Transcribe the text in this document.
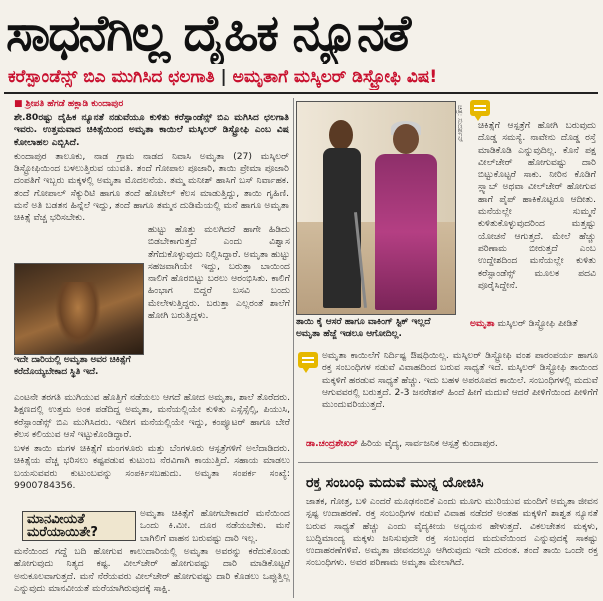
ಸಾಧನೆಗಿಲ್ಲ ದೈಹಿಕ ನ್ಯೂನತೆ
ಕರೆಸ್ಪಾಂಡೆನ್ಸ್ ಬಿಎ ಮುಗಿಸಿದ ಛಲಗಾತಿ | ಅಮೃತಾಗೆ ಮಸ್ಕಿಲರ್ ಡಿಸ್ಟ್ರೋಫಿ ವಿಷ!
■ ಶ್ರೀಪತಿ ಹೆಗಡೆ ಹಕ್ಲಾಡಿ ಕುಂದಾಪುರ

ಶೇ.80ರಷ್ಟು ದೈಹಿಕ ನ್ಯೂನತೆ ನಡುವೆಯೂ ಕುಳಿತು ಕರೆಸ್ಪಾಂಡೆನ್ಸ್ ಬಿಎ ಮಗಿಸಿದ ಛಲಗಾತಿ ಇವರು. ಉತ್ತಮವಾದ ಚಿಕಿತ್ಸೆಯಿಂದ ಅಮೃತಾ ಕಾಯಿಲೆ ಮಸ್ಕಿಲರ್ ಡಿಸ್ಟ್ರೋಫಿ ಎಂಬ ವಿಷ ಕೋಲಾಹಲ ಎಬ್ಬಿಸಿದೆ.

ಕುಂದಾಪುರ ತಾಲೂಕು, ನಾಡ ಗ್ರಾಮ ನಾಡದ ನಿವಾಸಿ ಅಮೃತಾ (27) ಮಸ್ಕಿಲರ್ ಡಿಸ್ಟ್ರೋಫಿಯಿಂದ ಬಳಲುತ್ತಿರುವ ಯುವತಿ. ತಂದೆ ಗೋಪಾಲ ಪೂಜಾರಿ, ತಾಯಿ ಪ್ರೇಮಾ ಪೂಜಾರಿ ದಂಪತಿಗೆ ಇಬ್ಬರು ಮಕ್ಕಳಲ್ಲಿ ಅಮೃತಾ ಮೊದಲನೆಯ. ತಮ್ಮ ಮನೀಶ್ ಹಾಸಿಗೆ ಬಸ್ ನಿರ್ವಾಹಕ. ತಂದೆ ಗೋಪಾಲ್ ಸೆಕ್ಯುರಿಟಿ ಹಾಗೂ ತಂದೆ ಹೊಟೇಲ್ ಕೆಲಸ ಮಾಡುತ್ತಿದ್ದು, ತಾಯಿ ಗೃಹಿಣಿ. ಮನೆ ಅತಿ ಬಡತನ ಹಿನ್ನೆಲೆ ಇದ್ದು, ತಂದೆ ಹಾಗೂ ತಮ್ಮನ ದುಡಿಮೆಯಲ್ಲಿ ಮನೆ ಹಾಗೂ ಅಮೃತಾ ಚಿಕಿತ್ಸೆ ವೆಚ್ಚ ಭರಿಸಬೇಕು.

ಇದೇ ದಾರಿಯಲ್ಲಿ ಅಮೃತಾ ಅವರ ಚಿಕಿತ್ಸೆಗೆ ಕರೆದೊಯ್ಯಬೇಕಾದ ಸ್ಥಿತಿ ಇದೆ.

ಹುಟ್ಟು ಹೊತ್ತು ಮಲಗಿದರೆ ಹಾಗೇ ಹಿಡಿದು ಬಿಡಬೇಕಾಗುತ್ತದೆ ಎಂದು ವಿಶ್ವಾಸ ತೆಗೆದುಕೊಳ್ಳುವುದು ನಿಲ್ಲಿಸಿದ್ದಾರೆ. ಅಮೃತಾ ಹುಟ್ಟು ಸಹಜವಾಗಿಯೇ ಇದ್ದು, ಬರುತ್ತಾ ಬಾಯಿಂದ ನಾಲಿಗೆ ಹೊರಬಿಟ್ಟು ಬರಲು ಆರಂಭಿಸಿತು. ಕಾಲಿಗೆ ಹಿಂಭಾಗ ಬಿದ್ದರೆ ಬಸವಿ ಬಂದು ಮೇಲೇಳುತ್ತಿದ್ದರು. ಬರುತ್ತಾ ಎಲ್ಲರಂತೆ ಶಾಲೆಗೆ ಹೋಗಿ ಬರುತ್ತಿದ್ದಳು.

ಎಂಟನೇ ತರಗತಿ ಮುಗಿಯುವ ಹೊತ್ತಿಗೆ ನಡೆಯಲು ಆಗದೆ ಹೋದ ಅಮೃತಾ, ಶಾಲೆ ತೊರೆದರು. ಶಿಕ್ಷಣದಲ್ಲಿ ಉತ್ತಮ ಅಂಕ ಪಡೆದಿದ್ದ ಅಮೃತಾ, ಮನೆಯಲ್ಲಿಯೇ ಕುಳಿತು ಎಸ್ಸೆಸ್ಸೆಲ್ಸಿ, ಪಿಯುಸಿ, ಕರೆಸ್ಪಾಂಡೆನ್ಸ್ ಬಿಎ ಮುಗಿಸಿದರು. ಇದೀಗ ಮನೆಯಲ್ಲಿಯೇ ಇದ್ದು, ಕಂಪ್ಯೂಟರ್ ಹಾಗೂ ಬೇರೆ ಕೆಲಸ ಕಲಿಯುವ ಆಸೆ ಇಟ್ಟುಕೊಂಡಿದ್ದಾರೆ.

ಬಳಕ ತಾಯಿ ಮಗಳ ಚಿಕಿತ್ಸೆಗೆ ಮಂಗಳೂರು ಮತ್ತು ಬೆಂಗಳೂರು ಆಸ್ಪತ್ರೆಗಳಿಗೆ ಅಲೆದಾಡಿದರು. ಚಿಕಿತ್ಸೆಯ ವೆಚ್ಚ ಭರಿಸಲು ಕಷ್ಟಪಡುವ ಕುಟುಂಬ ನೆರವಿಗಾಗಿ ಕಾಯುತ್ತಿದೆ. ಸಹಾಯ ಮಾಡಲು ಬಯಸುವವರು ಕುಟುಂಬವನ್ನು ಸಂಪರ್ಕಿಸಬಹುದು. ಅಮೃತಾ ಸಂಪರ್ಕ ಸಂಖ್ಯೆ: 9900784356.

ಮಾನವೀಯತೆ ಮರೆಯಾಯಿತೇ?
ಅಮೃತಾ ಚಿಕಿತ್ಸೆಗೆ ಹೋಗಬೇಕಾದರೆ ಮನೆಯಿಂದ ಒಂದು ಕಿ.ಮೀ. ದೂರ ನಡೆಯಬೇಕು. ಮನೆ ಬಾಗಿಲಿಗೆ ವಾಹನ ಬರುವಷ್ಟು ದಾರಿ ಇಲ್ಲ.
ಮನೆಯಿಂದ ಗದ್ದೆ ಬದಿ ಹೋಗುವ ಕಾಲುದಾರಿಯಲ್ಲಿ ಅಮೃತಾ ಅವರನ್ನು ಕರೆದುಕೊಂಡು ಹೋಗುವುದು ನಿತ್ಯದ ಕಷ್ಟ. ವೀಲ್‌ಚೇರ್ ಹೋಗುವಷ್ಟು ದಾರಿ ಮಾಡಿಕೊಟ್ಟರೆ ಅನುಕೂಲವಾಗುತ್ತದೆ. ಮನೆ ನೆರೆಯವರು ವೀಲ್‌ಚೇರ್ ಹೋಗುವಷ್ಟು ದಾರಿ ಕೊಡಲು ಒಪ್ಪುತ್ತಿಲ್ಲ ಎನ್ನುವುದು ಮಾನವೀಯತೆ ಮರೆಯಾಗಿರುವುದಕ್ಕೆ ಸಾಕ್ಷಿ.
ಚಿತ್ರ: ಸುದರ್ಶನ್
ತಾಯಿ ಕೈ ಆಸರೆ ಹಾಗೂ ವಾಕಿಂಗ್ ಸ್ಟಿಕ್ ಇಲ್ಲದೆ ಅಮೃತಾ ಹೆಜ್ಜೆ ಇಡಲೂ ಆಗೋದಿಲ್ಲ.
ಚಿಕಿತ್ಸೆಗೆ ಆಸ್ಪತ್ರೆಗೆ ಹೋಗಿ ಬರುವುದು ದೊಡ್ಡ ಸಮಸ್ಯೆ. ನಾವೇನು ದೊಡ್ಡ ರಸ್ತೆ ಮಾಡಿಕೊಡಿ ಎನ್ನುವುದಿಲ್ಲ. ಕೊನೆ ಪಕ್ಷ ವೀಲ್‌ಚೇರ್ ಹೋಗುವಷ್ಟು ದಾರಿ ಬಿಟ್ಟುಕೊಟ್ಟರೆ ಸಾಕು. ನೀರಿನ ಕೊಡಿಗೆ ಸ್ಲ್ಯಾಬ್ ಅಥವಾ ವೀಲ್‌ಚೇರ್ ಹೋಗುವ ಹಾಗೆ ಪೈಪ್ ಹಾಕಿಕೊಟ್ಟರೂ ಆದೀತು. ಮನೆಯಲ್ಲೇ ಸುಮ್ಮನೆ ಕುಳಿತುಕೊಳ್ಳುವುದರಿಂದ ಮತ್ತಷ್ಟು ಯೋಚನೆ ಆಗುತ್ತದೆ. ಮೇಲೆ ಹೆಚ್ಚು ಪರಿಣಾಮ ಬೀರುತ್ತದೆ ಎಂಬ ಉದ್ದೇಶದಿಂದ ಮನೆಯಲ್ಲೇ ಕುಳಿತು ಕರೆಸ್ಪಾಂಡೆನ್ಸ್ ಮೂಲಕ ಪದವಿ ಪೂರೈಸಿದ್ದೇನೆ.
ಅಮೃತಾ ಮಸ್ಕಿಲರ್ ಡಿಸ್ಟ್ರೋಫಿ ಪೀಡಿತೆ
ಅಮೃತಾ ಕಾಯಿಲೆಗೆ ನಿರ್ದಿಷ್ಟ ಔಷಧಿಯಿಲ್ಲ. ಮಸ್ಕಿಲರ್ ಡಿಸ್ಟ್ರೋಫಿ ವಂಶ ಪಾರಂಪರ್ಯ ಹಾಗೂ ರಕ್ತ ಸಂಬಂಧಿಗಳ ನಡುವೆ ವಿವಾಹದಿಂದ ಬರುವ ಸಾಧ್ಯತೆ ಇದೆ. ಮಸ್ಕಿಲರ್ ಡಿಸ್ಟ್ರೋಫಿ ತಾಯಿಂದ ಮಕ್ಕಳಿಗೆ ಹರಡುವ ಸಾಧ್ಯತೆ ಹೆಚ್ಚು. ಇದು ಬಹಳ ಅಪರೂಪದ ಕಾಯಿಲೆ. ಸಂಬಂಧಿಗಳಲ್ಲಿ ಮದುವೆ ಆಗುವವರಲ್ಲಿ ಬರುತ್ತದೆ. 2-3 ಜನರೇಶನ್ ಹಿಂದೆ ಹೀಗೆ ಮದುವೆ ಆದರೆ ಪೀಳಿಗೆಯಿಂದ ಪೀಳಿಗೆಗೆ ಮುಂದುವರಿಯುತ್ತದೆ.
ಡಾ.ಚಂದ್ರಶೇಖರ್ ಹಿರಿಯ ವೈದ್ಯ, ಸಾರ್ವಜನಿಕ ಆಸ್ಪತ್ರೆ ಕುಂದಾಪುರ.
ರಕ್ತ ಸಂಬಂಧಿ ಮದುವೆ ಮುನ್ನ ಯೋಚಿಸಿ
ಜಾತಕ, ಗೋತ್ರ, ಬಳಿ ಎಂದರೆ ಮೂಢನಂಬಿಕೆ ಎಂದು ಮೂಗು ಮುರಿಯುವ ಮಂದಿಗೆ ಅಮೃತಾ ಜೀವನ ಸ್ಪಷ್ಟ ಉದಾಹರಣೆ. ರಕ್ತ ಸಂಬಂಧಿಗಳ ನಡುವೆ ವಿವಾಹ ನಡೆದರೆ ಅಂತಹ ಮಕ್ಕಳಿಗೆ ಶಾಶ್ವತ ನ್ಯೂನತೆ ಬರುವ ಸಾಧ್ಯತೆ ಹೆಚ್ಚು ಎಂದು ವೈದ್ಯಕೀಯ ಅಧ್ಯಯನ ಹೇಳುತ್ತದೆ. ವಿಕಲಚೇತನ ಮಕ್ಕಳು, ಬುದ್ಧಿಮಾಂದ್ಯ ಮಕ್ಕಳು ಜನಿಸುವುದೇ ರಕ್ತ ಸಂಬಂಧದ ಮದುವೆಯಿಂದ ಎನ್ನುವುದಕ್ಕೆ ಸಾಕಷ್ಟು ಉದಾಹರಣೆಗಳಿವೆ. ಅಮೃತಾ ಜೀವನದಲ್ಲೂ ಆಗಿರುವುದು ಇದೇ ದುರಂತ. ತಂದೆ ತಾಯಿ ಒಂದೇ ರಕ್ತ ಸಂಬಂಧಿಗಳು. ಅವರ ಪರಿಣಾಮ ಅಮೃತಾ ಮೇಲಾಗಿದೆ.
